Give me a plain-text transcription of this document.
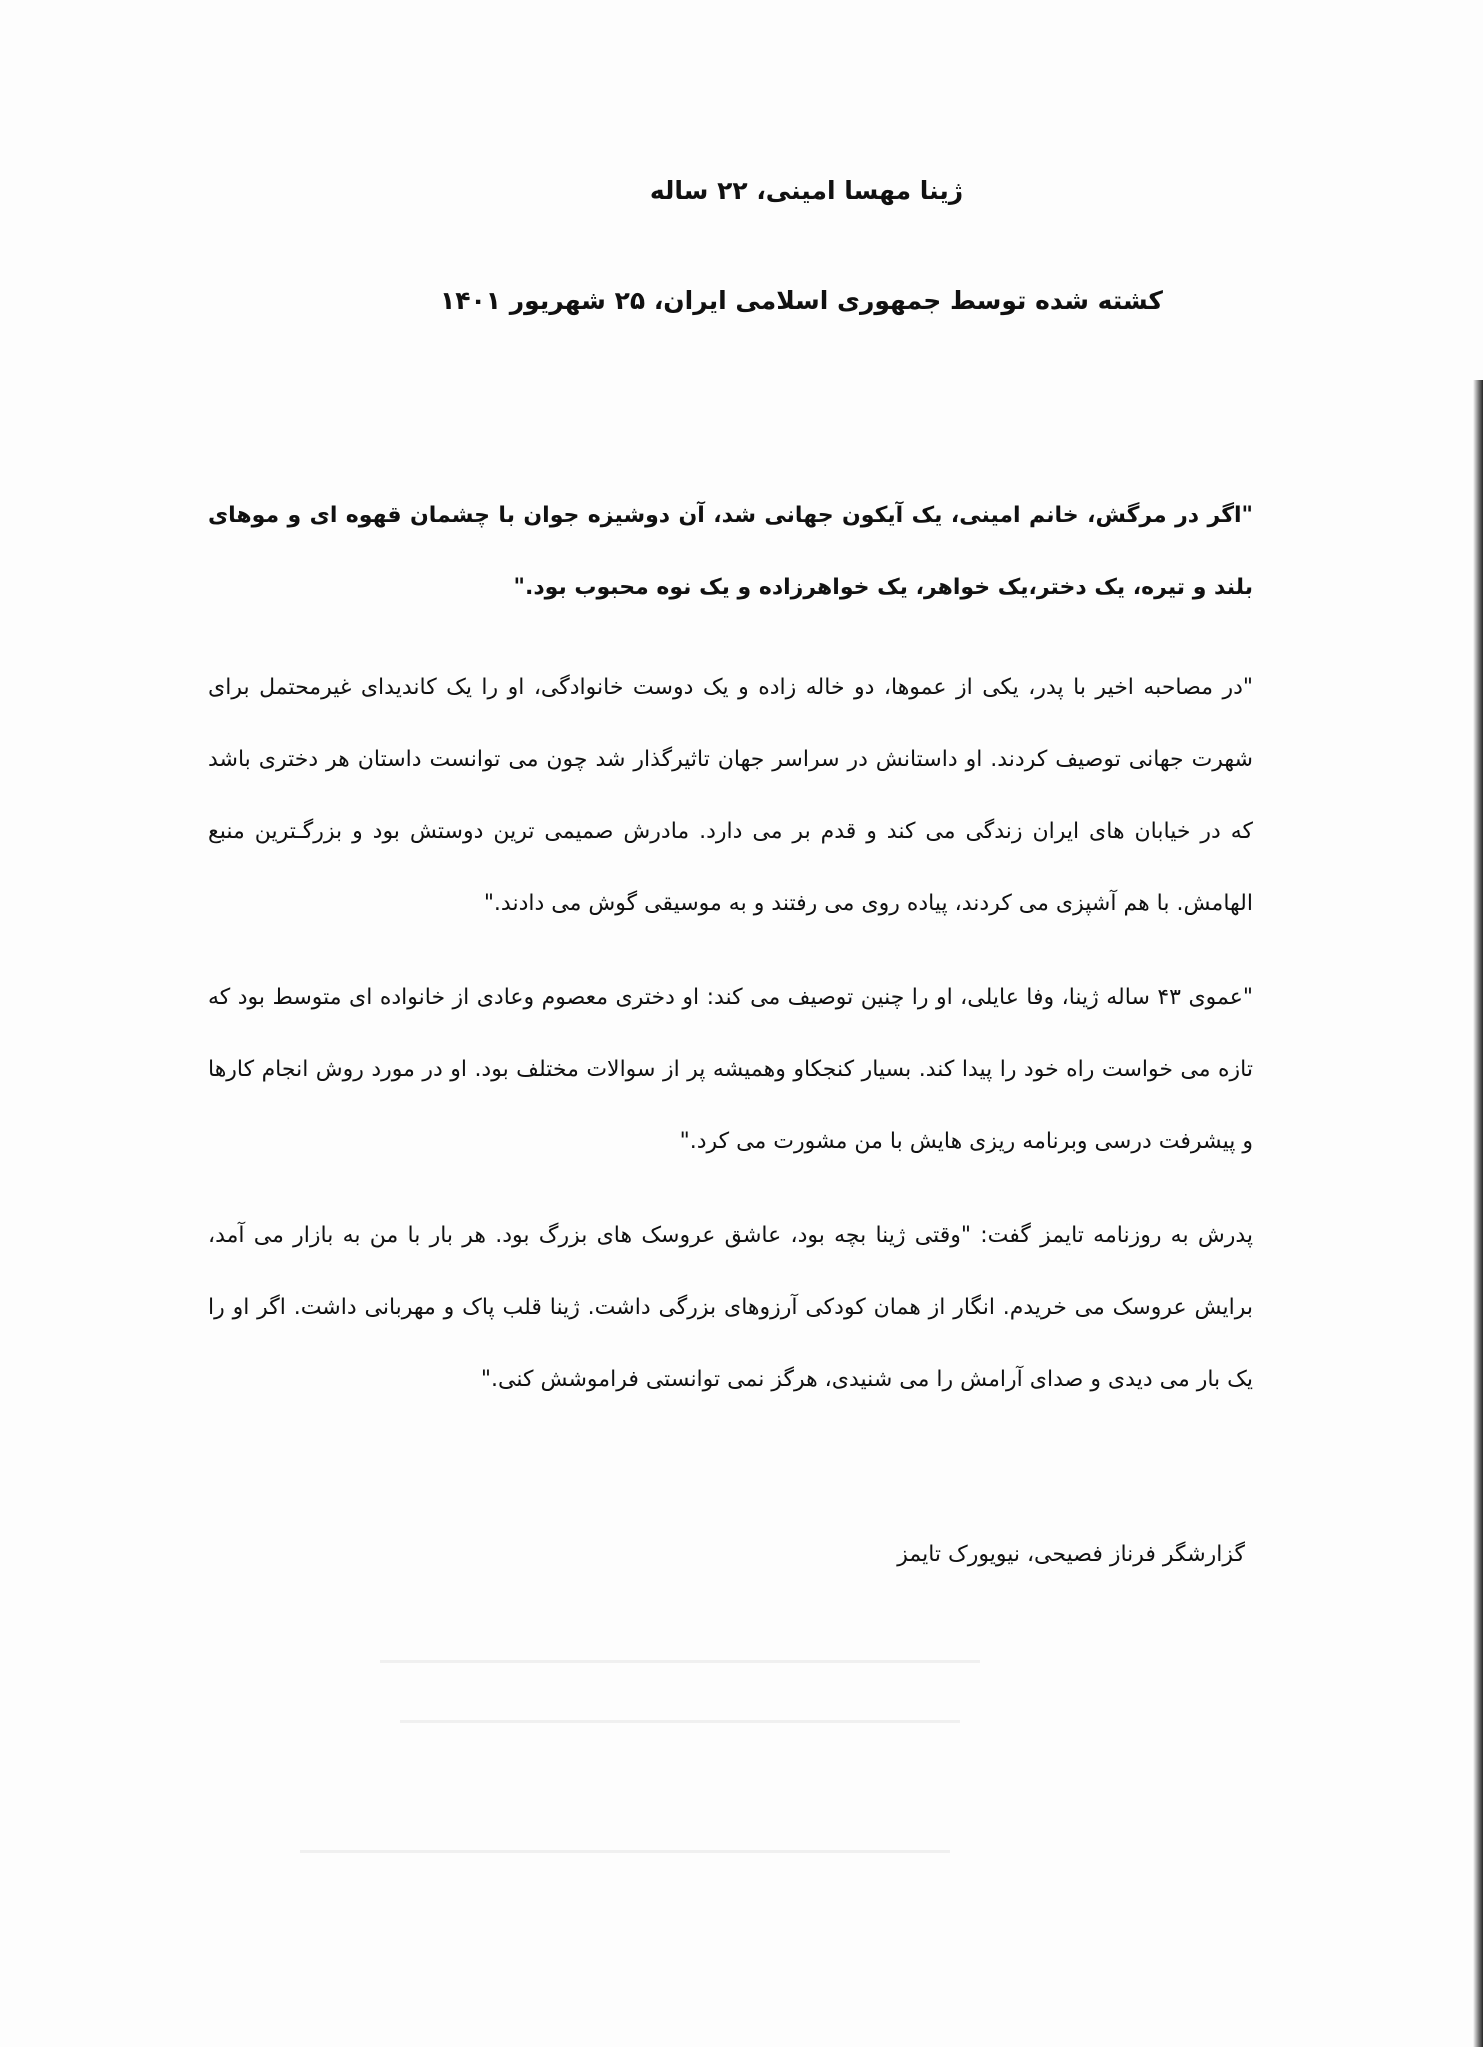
ژینا مهسا امینی، ۲۲ ساله
کشته شده توسط جمهوری اسلامی ایران، ۲۵ شهریور ۱۴۰۱

"اگر در مرگش، خانم امینی، یک آیکون جهانی شد، آن دوشیزه جوان با چشمان قهوه ای و موهای بلند و تیره، یک دختر،یک خواهر، یک خواهرزاده و یک نوه محبوب بود."

"در مصاحبه اخیر با پدر، یکی از عموها، دو خاله زاده و یک دوست خانوادگی، او را یک کاندیدای غیرمحتمل برای شهرت جهانی توصیف کردند. او داستانش در سراسر جهان تاثیرگذار شد چون می توانست داستان هر دختری باشد که در خیابان های ایران زندگی می کند و قدم بر می دارد. مادرش صمیمی ترین دوستش بود و بزرگـترین منبع الهامش. با هم آشپزی می کردند، پیاده روی می رفتند و به موسیقی گوش می دادند."

"عموی ۴۳ ساله ژینا، وفا عایلی، او را چنین توصیف می کند: او دختری معصوم وعادی از خانواده ای متوسط بود که تازه می خواست راه خود را پیدا کند. بسیار کنجکاو وهمیشه پر از سوالات مختلف بود. او در مورد روش انجام کارها و پیشرفت درسی وبرنامه ریزی هایش با من مشورت می کرد."

پدرش به روزنامه تایمز گفت: "وقتی ژینا بچه بود، عاشق عروسک های بزرگ بود. هر بار با من به بازار می آمد، برایش عروسک می خریدم. انگار از همان کودکی آرزوهای بزرگی داشت. ژینا قلب پاک و مهربانی داشت. اگر او را یک بار می دیدی و صدای آرامش را می شنیدی، هرگز نمی توانستی فراموشش کنی."

گزارشگر فرناز فصیحی، نیویورک تایمز
